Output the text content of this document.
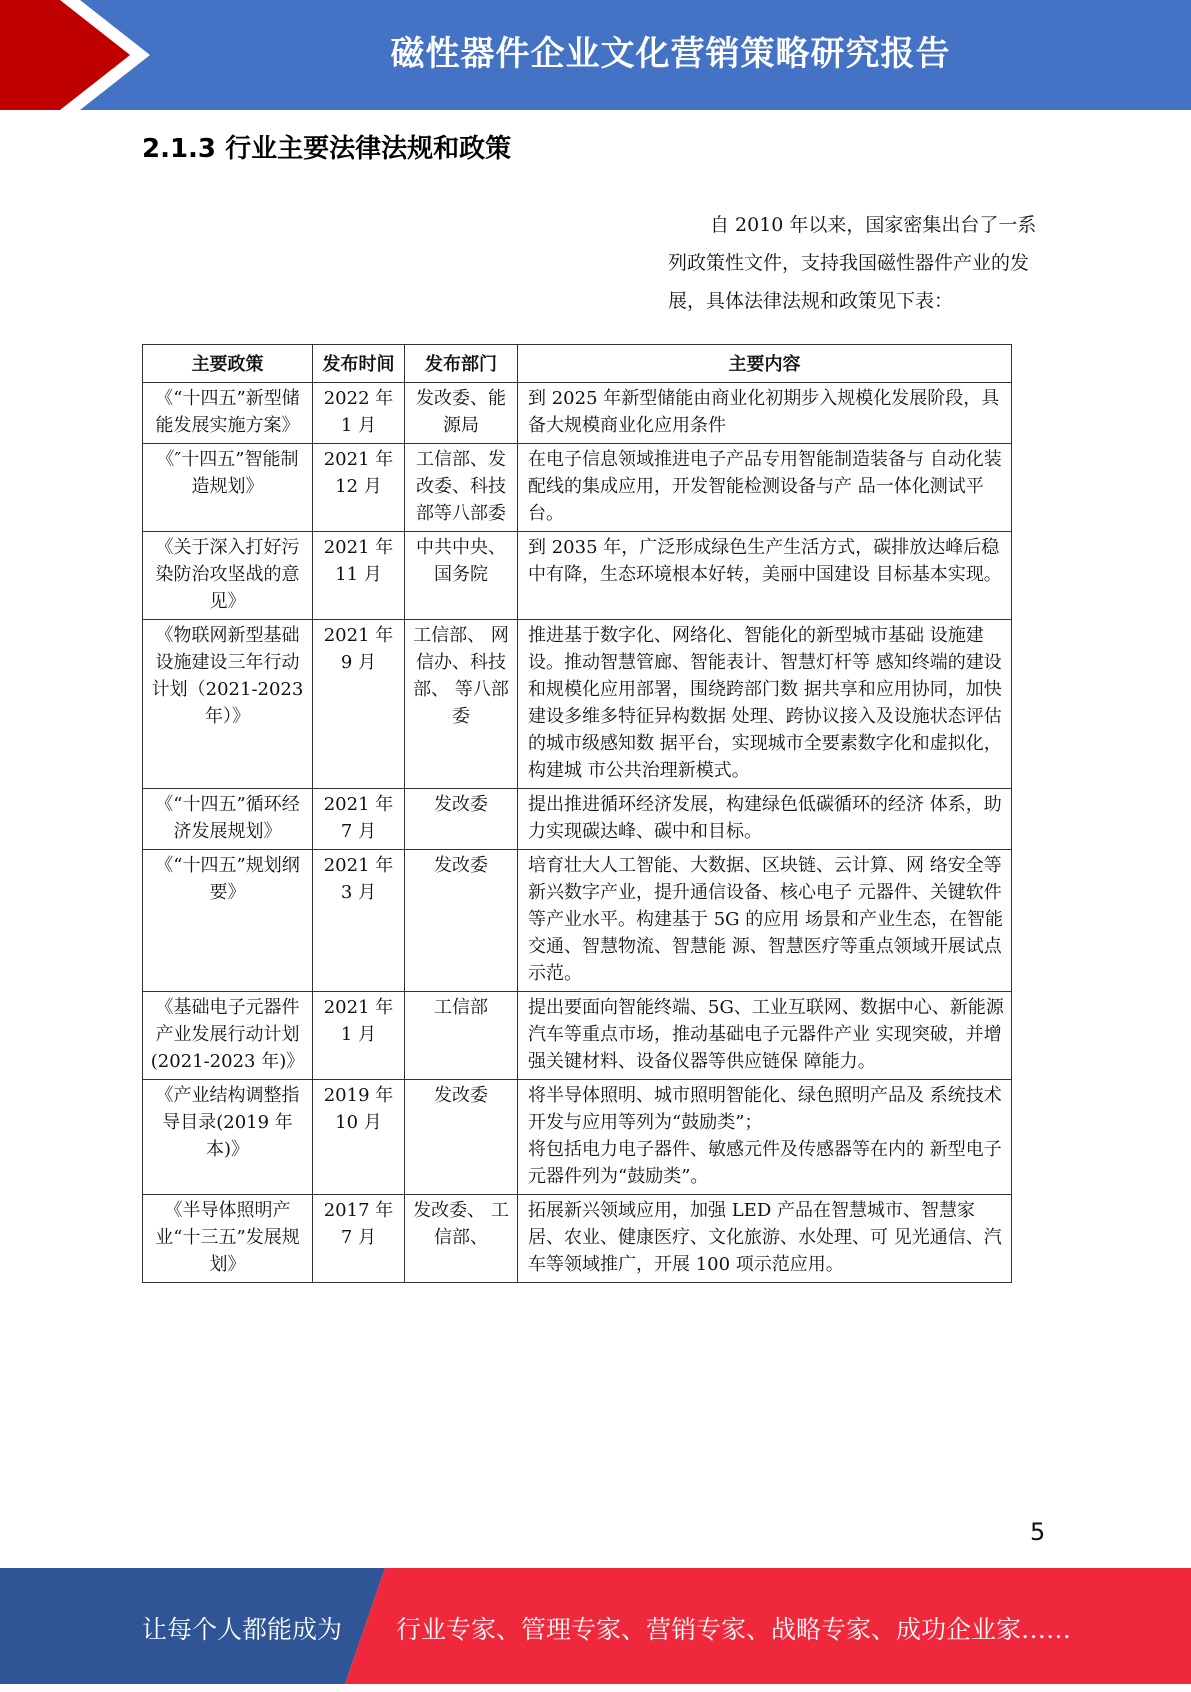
磁性器件企业文化营销策略研究报告
2.1.3 行业主要法律法规和政策

自 2010 年以来，国家密集出台了一系列政策性文件，支持我国磁性器件产业的发展，具体法律法规和政策见下表：

主要政策	发布时间	发布部门	主要内容
《“十四五”新型储能发展实施方案》	2022 年 1 月	发改委、能源局	到 2025 年新型储能由商业化初期步入规模化发展阶段，具备大规模商业化应用条件
《″十四五”智能制造规划》	2021 年 12 月	工信部、发改委、科技部等八部委	在电子信息领域推进电子产品专用智能制造装备与 自动化装配线的集成应用，开发智能检测设备与产 品一体化测试平台。
《关于深入打好污染防治攻坚战的意见》	2021 年 11 月	中共中央、国务院	到 2035 年，广泛形成绿色生产生活方式，碳排放达峰后稳中有降，生态环境根本好转，美丽中国建设 目标基本实现。
《物联网新型基础设施建设三年行动计划（2021-2023 年）》	2021 年 9 月	工信部、 网信办、科技部、 等八部委	推进基于数字化、网络化、智能化的新型城市基础 设施建设。推动智慧管廊、智能表计、智慧灯杆等 感知终端的建设和规模化应用部署，围绕跨部门数 据共享和应用协同，加快建设多维多特征异构数据 处理、跨协议接入及设施状态评估的城市级感知数 据平台，实现城市全要素数字化和虚拟化，构建城 市公共治理新模式。
《“十四五”循环经济发展规划》	2021 年 7 月	发改委	提出推进循环经济发展，构建绿色低碳循环的经济 体系，助力实现碳达峰、碳中和目标。
《“十四五”规划纲要》	2021 年 3 月	发改委	培育壮大人工智能、大数据、区块链、云计算、网 络安全等新兴数字产业，提升通信设备、核心电子 元器件、关键软件等产业水平。构建基于 5G 的应用 场景和产业生态，在智能交通、智慧物流、智慧能 源、智慧医疗等重点领域开展试点示范。
《基础电子元器件产业发展行动计划(2021-2023 年)》	2021 年 1 月	工信部	提出要面向智能终端、5G、工业互联网、数据中心、新能源汽车等重点市场，推动基础电子元器件产业 实现突破，并增强关键材料、设备仪器等供应链保 障能力。
《产业结构调整指导目录(2019 年本)》	2019 年 10 月	发改委	将半导体照明、城市照明智能化、绿色照明产品及 系统技术开发与应用等列为“鼓励类”；
将包括电力电子器件、敏感元件及传感器等在内的 新型电子元器件列为“鼓励类”。
《半导体照明产业“十三五”发展规划》	2017 年 7 月	发改委、 工信部、	拓展新兴领域应用，加强 LED 产品在智慧城市、智慧家居、农业、健康医疗、文化旅游、水处理、可 见光通信、汽车等领域推广，开展 100 项示范应用。
5
让每个人都能成为 行业专家、管理专家、营销专家、战略专家、成功企业家……
